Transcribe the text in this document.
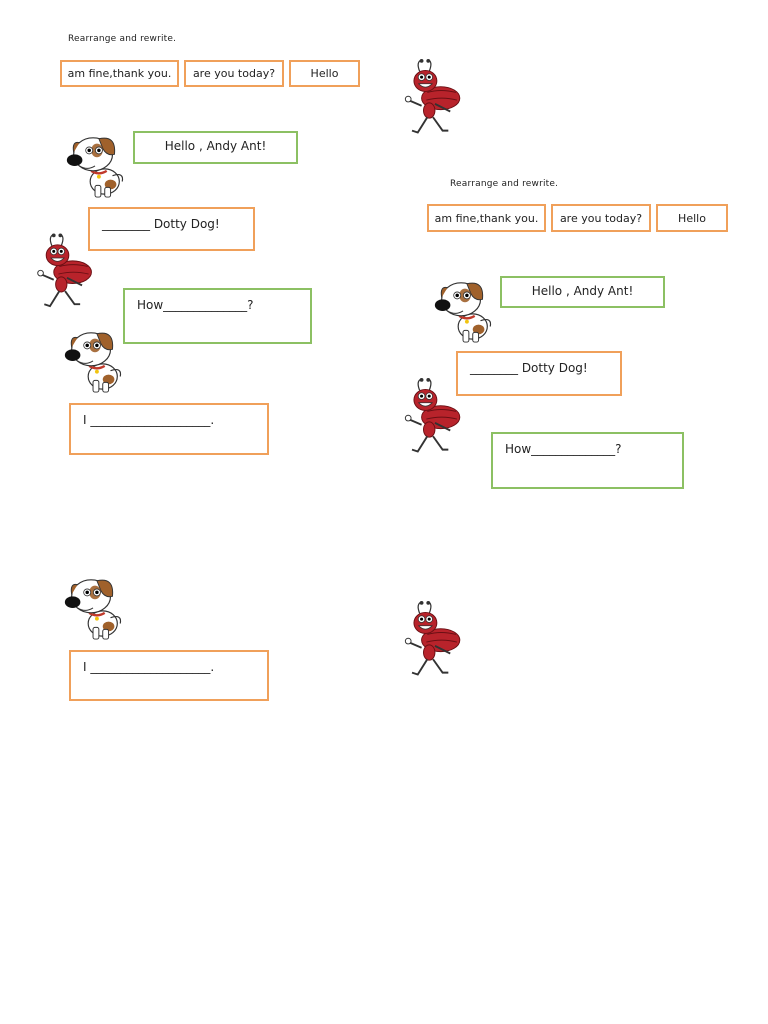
Rearrange and rewrite.
am fine,thank you.	are you today?	Hello
Hello , Andy Ant!
________ Dotty Dog!
How______________?
I ____________________.
I ____________________.
Rearrange and rewrite.
am fine,thank you.	are you today?	Hello
Hello , Andy Ant!
________ Dotty Dog!
How______________?
